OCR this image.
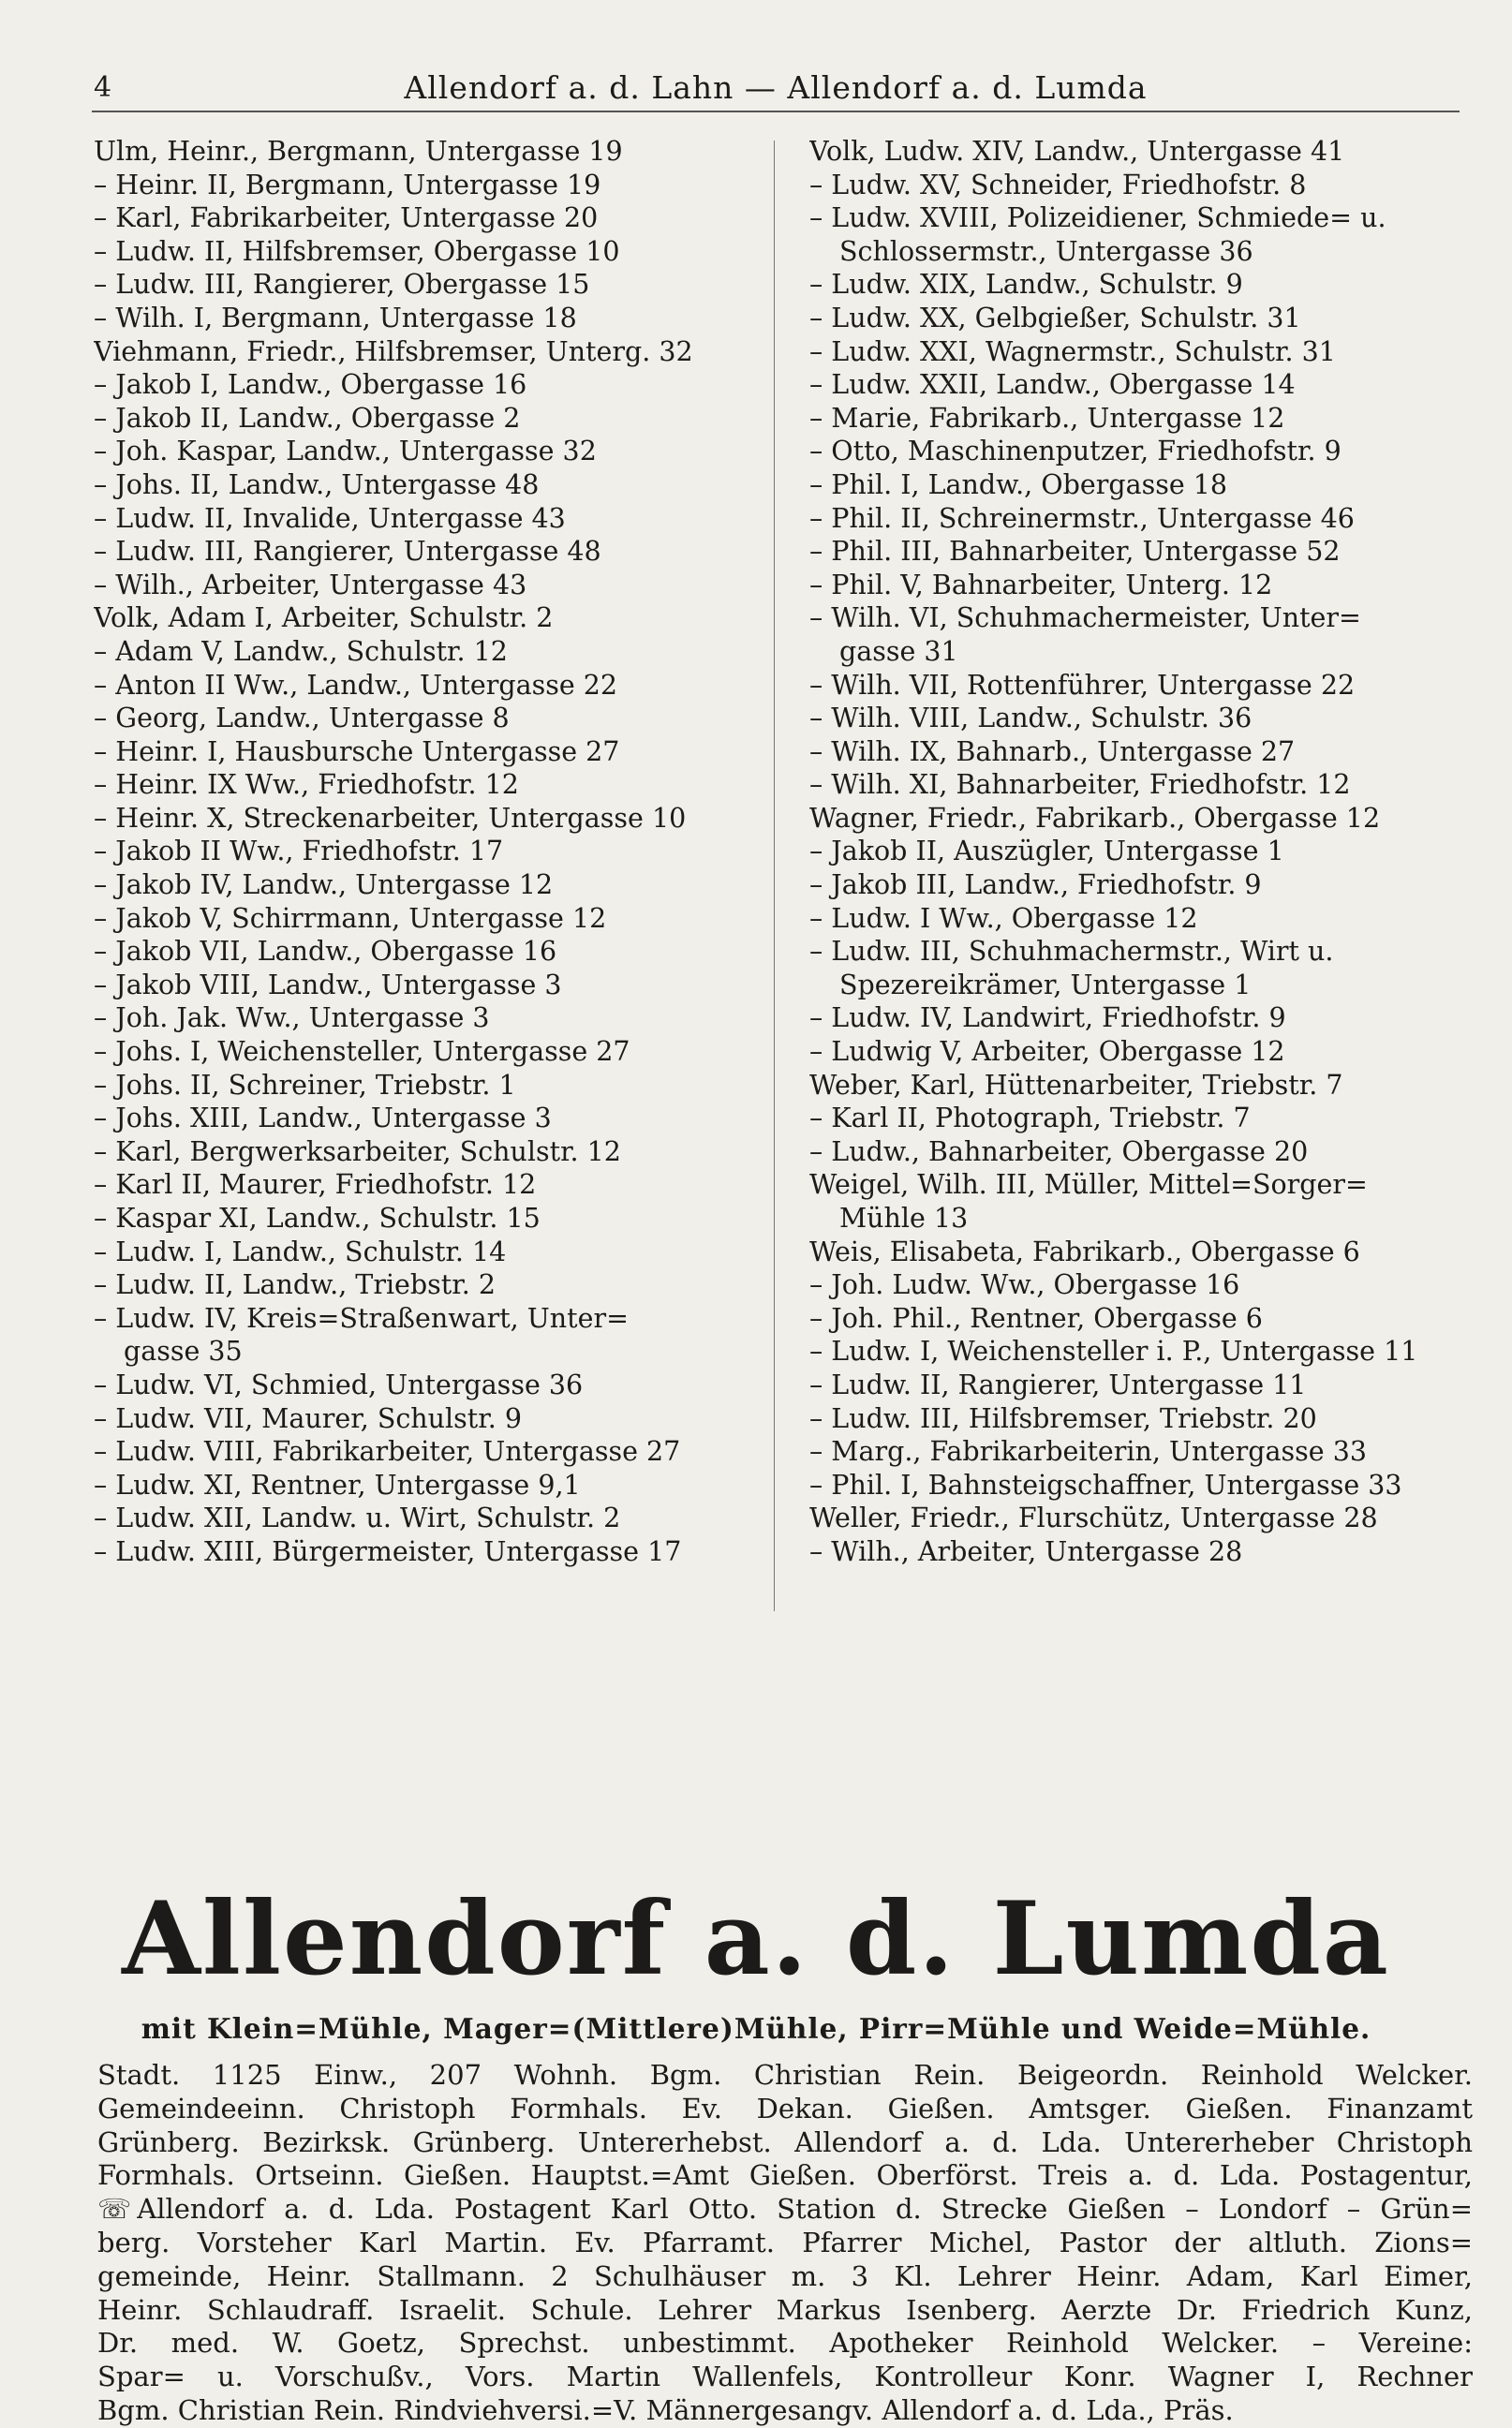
4	Allendorf a. d. Lahn — Allendorf a. d. Lumda
Ulm, Heinr., Bergmann, Untergasse 19
– Heinr. II, Bergmann, Untergasse 19
– Karl, Fabrikarbeiter, Untergasse 20
– Ludw. II, Hilfsbremser, Obergasse 10
– Ludw. III, Rangierer, Obergasse 15
– Wilh. I, Bergmann, Untergasse 18
Viehmann, Friedr., Hilfsbremser, Unterg. 32
– Jakob I, Landw., Obergasse 16
– Jakob II, Landw., Obergasse 2
– Joh. Kaspar, Landw., Untergasse 32
– Johs. II, Landw., Untergasse 48
– Ludw. II, Invalide, Untergasse 43
– Ludw. III, Rangierer, Untergasse 48
– Wilh., Arbeiter, Untergasse 43
Volk, Adam I, Arbeiter, Schulstr. 2
– Adam V, Landw., Schulstr. 12
– Anton II Ww., Landw., Untergasse 22
– Georg, Landw., Untergasse 8
– Heinr. I, Hausbursche Untergasse 27
– Heinr. IX Ww., Friedhofstr. 12
– Heinr. X, Streckenarbeiter, Untergasse 10
– Jakob II Ww., Friedhofstr. 17
– Jakob IV, Landw., Untergasse 12
– Jakob V, Schirrmann, Untergasse 12
– Jakob VII, Landw., Obergasse 16
– Jakob VIII, Landw., Untergasse 3
– Joh. Jak. Ww., Untergasse 3
– Johs. I, Weichensteller, Untergasse 27
– Johs. II, Schreiner, Triebstr. 1
– Johs. XIII, Landw., Untergasse 3
– Karl, Bergwerksarbeiter, Schulstr. 12
– Karl II, Maurer, Friedhofstr. 12
– Kaspar XI, Landw., Schulstr. 15
– Ludw. I, Landw., Schulstr. 14
– Ludw. II, Landw., Triebstr. 2
– Ludw. IV, Kreis=Straßenwart, Unter=
gasse 35
– Ludw. VI, Schmied, Untergasse 36
– Ludw. VII, Maurer, Schulstr. 9
– Ludw. VIII, Fabrikarbeiter, Untergasse 27
– Ludw. XI, Rentner, Untergasse 9,1
– Ludw. XII, Landw. u. Wirt, Schulstr. 2
– Ludw. XIII, Bürgermeister, Untergasse 17
Volk, Ludw. XIV, Landw., Untergasse 41
– Ludw. XV, Schneider, Friedhofstr. 8
– Ludw. XVIII, Polizeidiener, Schmiede= u.
Schlossermstr., Untergasse 36
– Ludw. XIX, Landw., Schulstr. 9
– Ludw. XX, Gelbgießer, Schulstr. 31
– Ludw. XXI, Wagnermstr., Schulstr. 31
– Ludw. XXII, Landw., Obergasse 14
– Marie, Fabrikarb., Untergasse 12
– Otto, Maschinenputzer, Friedhofstr. 9
– Phil. I, Landw., Obergasse 18
– Phil. II, Schreinermstr., Untergasse 46
– Phil. III, Bahnarbeiter, Untergasse 52
– Phil. V, Bahnarbeiter, Unterg. 12
– Wilh. VI, Schuhmachermeister, Unter=
gasse 31
– Wilh. VII, Rottenführer, Untergasse 22
– Wilh. VIII, Landw., Schulstr. 36
– Wilh. IX, Bahnarb., Untergasse 27
– Wilh. XI, Bahnarbeiter, Friedhofstr. 12
Wagner, Friedr., Fabrikarb., Obergasse 12
– Jakob II, Auszügler, Untergasse 1
– Jakob III, Landw., Friedhofstr. 9
– Ludw. I Ww., Obergasse 12
– Ludw. III, Schuhmachermstr., Wirt u.
Spezereikrämer, Untergasse 1
– Ludw. IV, Landwirt, Friedhofstr. 9
– Ludwig V, Arbeiter, Obergasse 12
Weber, Karl, Hüttenarbeiter, Triebstr. 7
– Karl II, Photograph, Triebstr. 7
– Ludw., Bahnarbeiter, Obergasse 20
Weigel, Wilh. III, Müller, Mittel=Sorger=
Mühle 13
Weis, Elisabeta, Fabrikarb., Obergasse 6
– Joh. Ludw. Ww., Obergasse 16
– Joh. Phil., Rentner, Obergasse 6
– Ludw. I, Weichensteller i. P., Untergasse 11
– Ludw. II, Rangierer, Untergasse 11
– Ludw. III, Hilfsbremser, Triebstr. 20
– Marg., Fabrikarbeiterin, Untergasse 33
– Phil. I, Bahnsteigschaffner, Untergasse 33
Weller, Friedr., Flurschütz, Untergasse 28
– Wilh., Arbeiter, Untergasse 28
Allendorf a. d. Lumda
mit Klein=Mühle, Mager=(Mittlere)Mühle, Pirr=Mühle und Weide=Mühle.
Stadt. 1125 Einw., 207 Wohnh. Bgm. Christian Rein. Beigeordn. Reinhold Welcker.
Gemeindeeinn. Christoph Formhals. Ev. Dekan. Gießen. Amtsger. Gießen. Finanzamt
Grünberg. Bezirksk. Grünberg. Untererhebst. Allendorf a. d. Lda. Untererheber Christoph
Formhals. Ortseinn. Gießen. Hauptst.=Amt Gießen. Oberförst. Treis a. d. Lda. Postagentur,
☏ Allendorf a. d. Lda. Postagent Karl Otto. Station d. Strecke Gießen – Londorf – Grün=
berg. Vorsteher Karl Martin. Ev. Pfarramt. Pfarrer Michel, Pastor der altluth. Zions=
gemeinde, Heinr. Stallmann. 2 Schulhäuser m. 3 Kl. Lehrer Heinr. Adam, Karl Eimer,
Heinr. Schlaudraff. Israelit. Schule. Lehrer Markus Isenberg. Aerzte Dr. Friedrich Kunz,
Dr. med. W. Goetz, Sprechst. unbestimmt. Apotheker Reinhold Welcker. – Vereine:
Spar= u. Vorschußv., Vors. Martin Wallenfels, Kontrolleur Konr. Wagner I, Rechner
Bgm. Christian Rein. Rindviehversi.=V. Männergesangv. Allendorf a. d. Lda., Präs.
